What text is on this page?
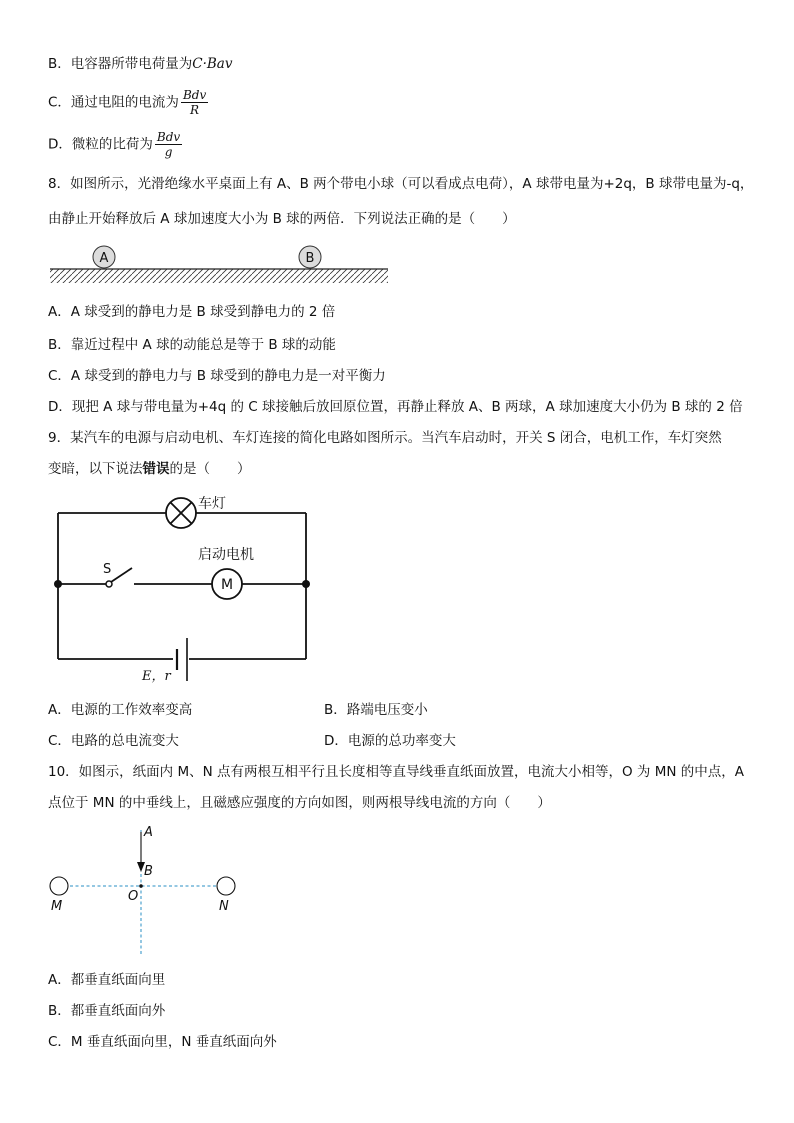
B．电容器所带电荷量为C·Bav
C．通过电阻的电流为 $\frac{\text{Bdv}}{R}$
D．微粒的比荷为 $\frac{\text{Bdv}}{g}$
8．如图所示，光滑绝缘水平桌面上有 A、B 两个带电小球（可以看成点电荷），A 球带电量为+2q，B 球带电量为-q，
由静止开始释放后 A 球加速度大小为 B 球的两倍．下列说法正确的是（　　）
A	B
A．A 球受到的静电力是 B 球受到静电力的 2 倍
B．靠近过程中 A 球的动能总是等于 B 球的动能
C．A 球受到的静电力与 B 球受到的静电力是一对平衡力
D．现把 A 球与带电量为+4q 的 C 球接触后放回原位置，再静止释放 A、B 两球，A 球加速度大小仍为 B 球的 2 倍
9．某汽车的电源与启动电机、车灯连接的简化电路如图所示。当汽车启动时，开关 S 闭合，电机工作，车灯突然
变暗，以下说法错误的是（　　）
车灯
S
M
启动电机
E，r
A．电源的工作效率变高	B．路端电压变小
C．电路的总电流变大	D．电源的总功率变大
10．如图示，纸面内 M、N 点有两根互相平行且长度相等直导线垂直纸面放置，电流大小相等，O 为 MN 的中点，A
点位于 MN 的中垂线上，且磁感应强度的方向如图，则两根导线电流的方向（　　）
A
B
O
M	N
A．都垂直纸面向里
B．都垂直纸面向外
C．M 垂直纸面向里，N 垂直纸面向外
